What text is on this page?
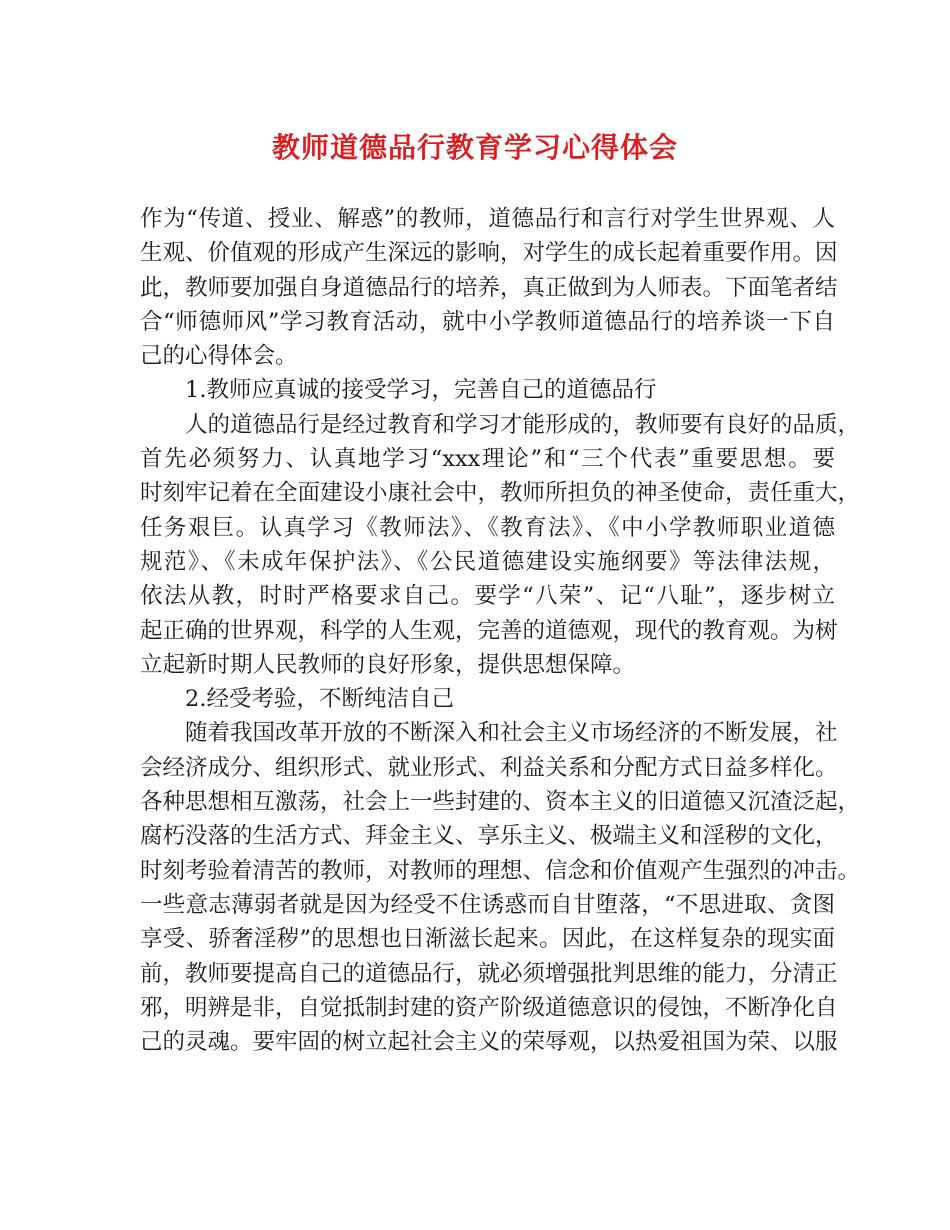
教师道德品行教育学习心得体会
作为“传道、授业、解惑”的教师，道德品行和言行对学生世界观、人
生观、价值观的形成产生深远的影响，对学生的成长起着重要作用。因
此，教师要加强自身道德品行的培养，真正做到为人师表。下面笔者结
合“师德师风”学习教育活动，就中小学教师道德品行的培养谈一下自
己的心得体会。
1.教师应真诚的接受学习，完善自己的道德品行
人的道德品行是经过教育和学习才能形成的，教师要有良好的品质，
首先必须努力、认真地学习“xxx理论”和“三个代表”重要思想。要
时刻牢记着在全面建设小康社会中，教师所担负的神圣使命，责任重大，
任务艰巨。认真学习《教师法》、《教育法》、《中小学教师职业道德
规范》、《未成年保护法》、《公民道德建设实施纲要》等法律法规，
依法从教，时时严格要求自己。要学“八荣”、记“八耻”，逐步树立
起正确的世界观，科学的人生观，完善的道德观，现代的教育观。为树
立起新时期人民教师的良好形象，提供思想保障。
2.经受考验，不断纯洁自己
随着我国改革开放的不断深入和社会主义市场经济的不断发展，社
会经济成分、组织形式、就业形式、利益关系和分配方式日益多样化。
各种思想相互激荡，社会上一些封建的、资本主义的旧道德又沉渣泛起，
腐朽没落的生活方式、拜金主义、享乐主义、极端主义和淫秽的文化，
时刻考验着清苦的教师，对教师的理想、信念和价值观产生强烈的冲击。
一些意志薄弱者就是因为经受不住诱惑而自甘堕落，“不思进取、贪图
享受、骄奢淫秽”的思想也日渐滋长起来。因此，在这样复杂的现实面
前，教师要提高自己的道德品行，就必须增强批判思维的能力，分清正
邪，明辨是非，自觉抵制封建的资产阶级道德意识的侵蚀，不断净化自
己的灵魂。要牢固的树立起社会主义的荣辱观，以热爱祖国为荣、以服
